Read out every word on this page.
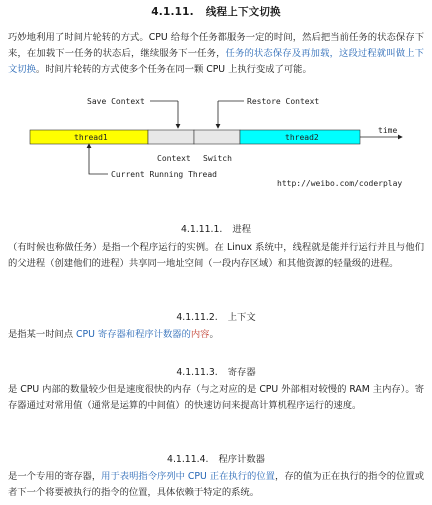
4.1.11. 线程上下文切换
巧妙地利用了时间片轮转的方式。CPU 给每个任务都服务一定的时间，然后把当前任务的状态保存下来，在加载下一任务的状态后，继续服务下一任务，任务的状态保存及再加载，这段过程就叫做上下文切换。时间片轮转的方式使多个任务在同一颗 CPU 上执行变成了可能。
Save Context	Restore Context
thread1	thread2
time
Context Switch
Current Running Thread
http://weibo.com/coderplay
4.1.11.1. 进程
（有时候也称做任务）是指一个程序运行的实例。在 Linux 系统中，线程就是能并行运行并且与他们的父进程（创建他们的进程）共享同一地址空间（一段内存区域）和其他资源的轻量级的进程。
4.1.11.2. 上下文
是指某一时间点 CPU 寄存器和程序计数器的内容。
4.1.11.3. 寄存器
是 CPU 内部的数量较少但是速度很快的内存（与之对应的是 CPU 外部相对较慢的 RAM 主内存）。寄存器通过对常用值（通常是运算的中间值）的快速访问来提高计算机程序运行的速度。
4.1.11.4. 程序计数器
是一个专用的寄存器，用于表明指令序列中 CPU 正在执行的位置，存的值为正在执行的指令的位置或者下一个将要被执行的指令的位置，具体依赖于特定的系统。
